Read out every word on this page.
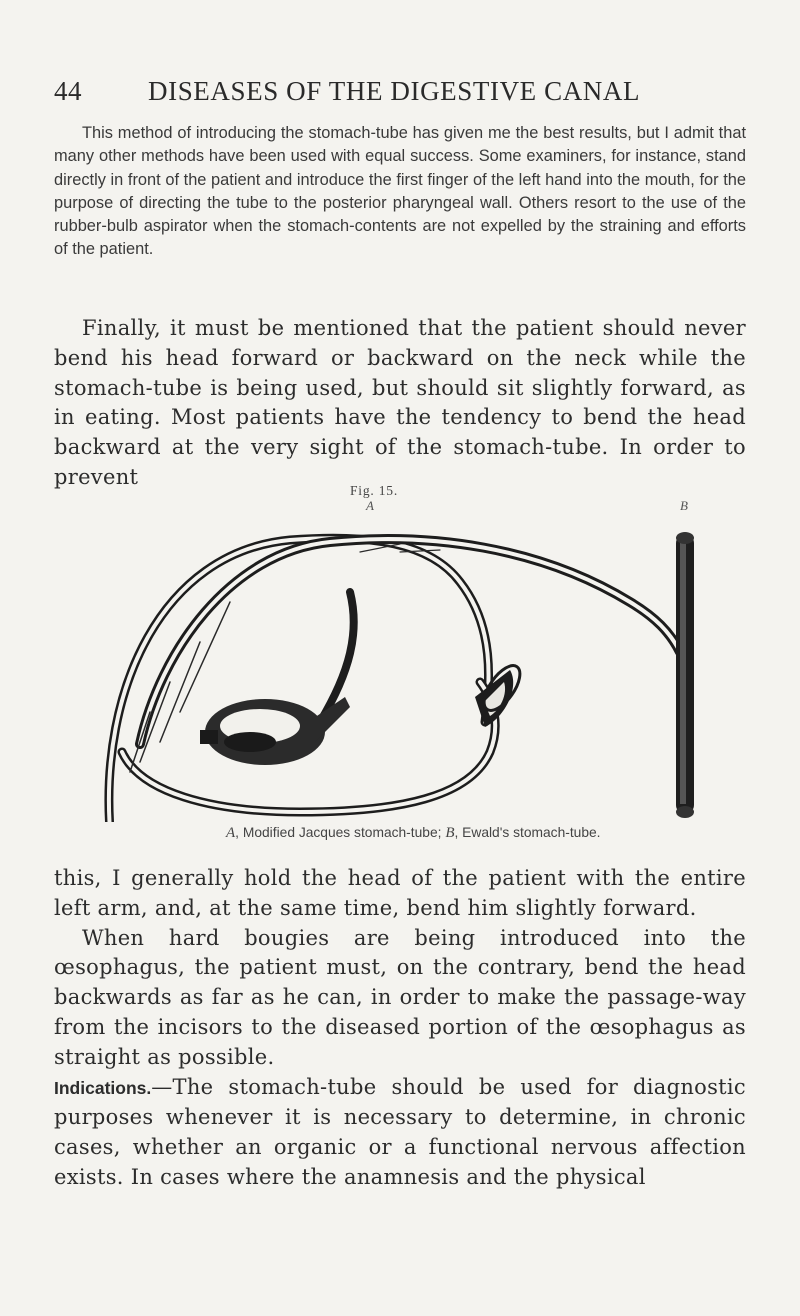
44 DISEASES OF THE DIGESTIVE CANAL

This method of introducing the stomach-tube has given me the best results, but I admit that many other methods have been used with equal success. Some examiners, for instance, stand directly in front of the patient and introduce the first finger of the left hand into the mouth, for the purpose of directing the tube to the posterior pharyngeal wall. Others resort to the use of the rubber-bulb aspirator when the stomach-contents are not expelled by the straining and efforts of the patient.

Finally, it must be mentioned that the patient should never bend his head forward or backward on the neck while the stomach-tube is being used, but should sit slightly forward, as in eating. Most patients have the tendency to bend the head backward at the very sight of the stomach-tube. In order to prevent

Fig. 15.
A	B
A, Modified Jacques stomach-tube; B, Ewald's stomach-tube.

this, I generally hold the head of the patient with the entire left arm, and, at the same time, bend him slightly forward.

When hard bougies are being introduced into the œsophagus, the patient must, on the contrary, bend the head backwards as far as he can, in order to make the passage-way from the incisors to the diseased portion of the œsophagus as straight as possible.

Indications.—The stomach-tube should be used for diagnostic purposes whenever it is necessary to determine, in chronic cases, whether an organic or a functional nervous affection exists. In cases where the anamnesis and the physical
